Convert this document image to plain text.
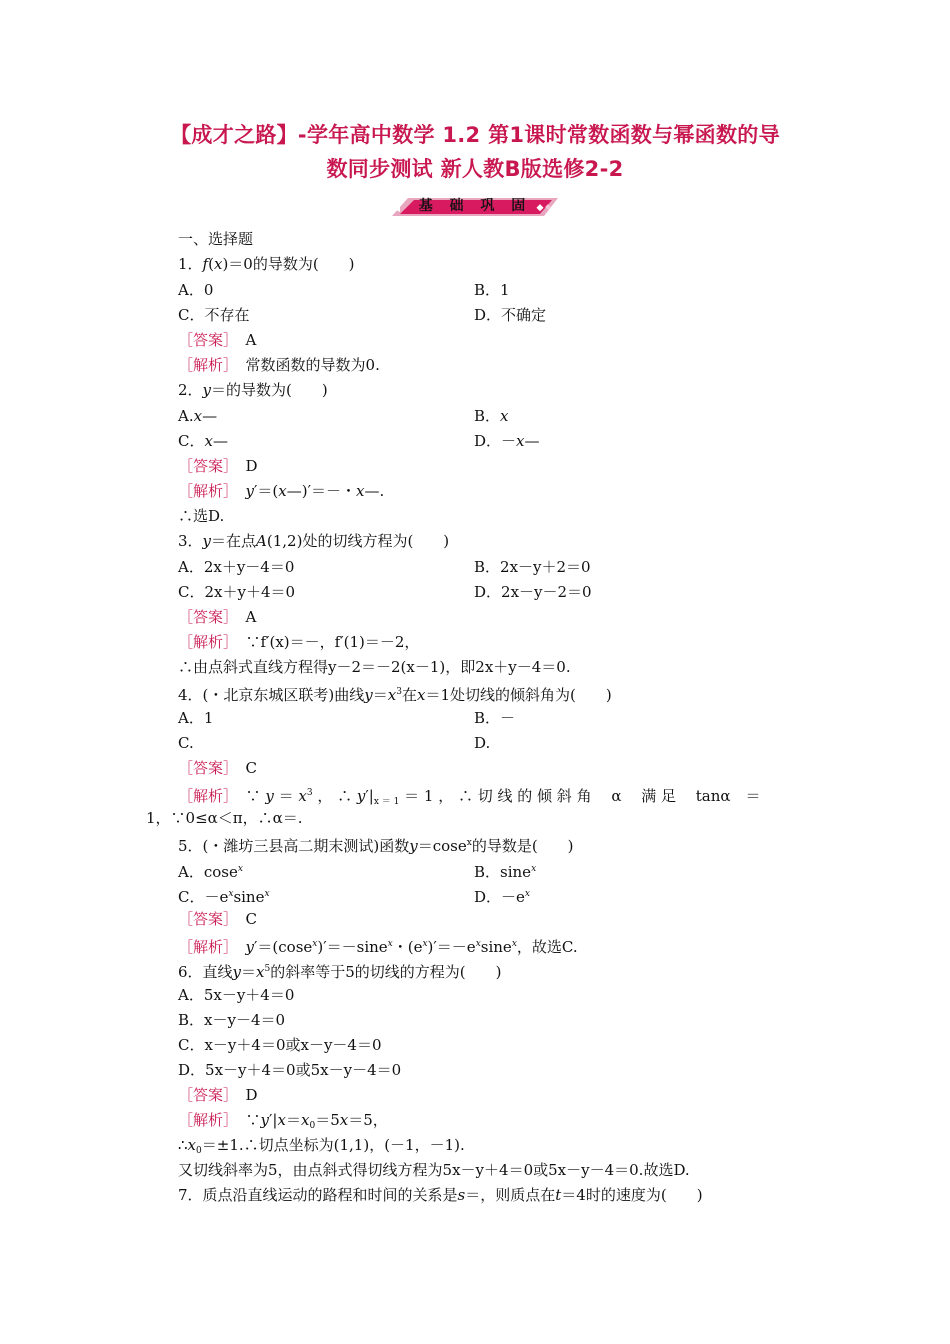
【成才之路】-学年高中数学 1.2 第1课时常数函数与幂函数的导
数同步测试 新人教B版选修2-2
基 础 巩 固
一、选择题
1．f(x)＝0的导数为(　　)
A．0	B．1
C．不存在	D．不确定
［答案］　 A
［解析］　 常数函数的导数为0.
2．y＝的导数为(　　)
A.x—	B．x
C．x—	D．－x—
［答案］　 D
［解析］　 y′＝(x—)′＝－・x—.
∴选D.
3．y＝在点A(1,2)处的切线方程为(　　)
A．2x＋y－4＝0	B．2x－y＋2＝0
C．2x＋y＋4＝0	D．2x－y－2＝0
［答案］　 A
［解析］　 ∵f′(x)＝－，f′(1)＝－2，
∴由点斜式直线方程得y－2＝－2(x－1)，即2x＋y－4＝0.
4．(・北京东城区联考)曲线$y=x^3$在x＝1处切线的倾斜角为(　　)
A．1	B．－
C.	D.
［答案］　 C
［解析］　 ∵ $y = x^3$ ， ∴ $y'|_{x = 1} = 1$ ， ∴ 切 线 的 倾 斜 角 　α　 满 足 　tanα　＝
1，∵0≤α＜π，∴α＝.
5．(・潍坊三县高二期末测试)函数y＝cose$^x$的导数是(　　)
A．cose$^x$	B．sine$^x$
C．$-e^x\sin e^x$	D．$-e^x$
［答案］　 C
［解析］　 y′＝(cose$^x$)′＝－sine$^x$・$(e^x)'=-e^x\sin e^x$，故选C.
6．直线$y=x^5$的斜率等于5的切线的方程为(　　)
A．5x－y＋4＝0
B．x－y－4＝0
C．x－y＋4＝0或x－y－4＝0
D．5x－y＋4＝0或5x－y－4＝0
［答案］　 D
［解析］　 $\because y'|x=x_0=5x=5$，
$\therefore x_0=\pm 1.\therefore$切点坐标为(1,1)，(－1，－1).
又切线斜率为5，由点斜式得切线方程为5x－y＋4＝0或5x－y－4＝0.故选D.
7．质点沿直线运动的路程和时间的关系是s＝，则质点在t＝4时的速度为(　　)
